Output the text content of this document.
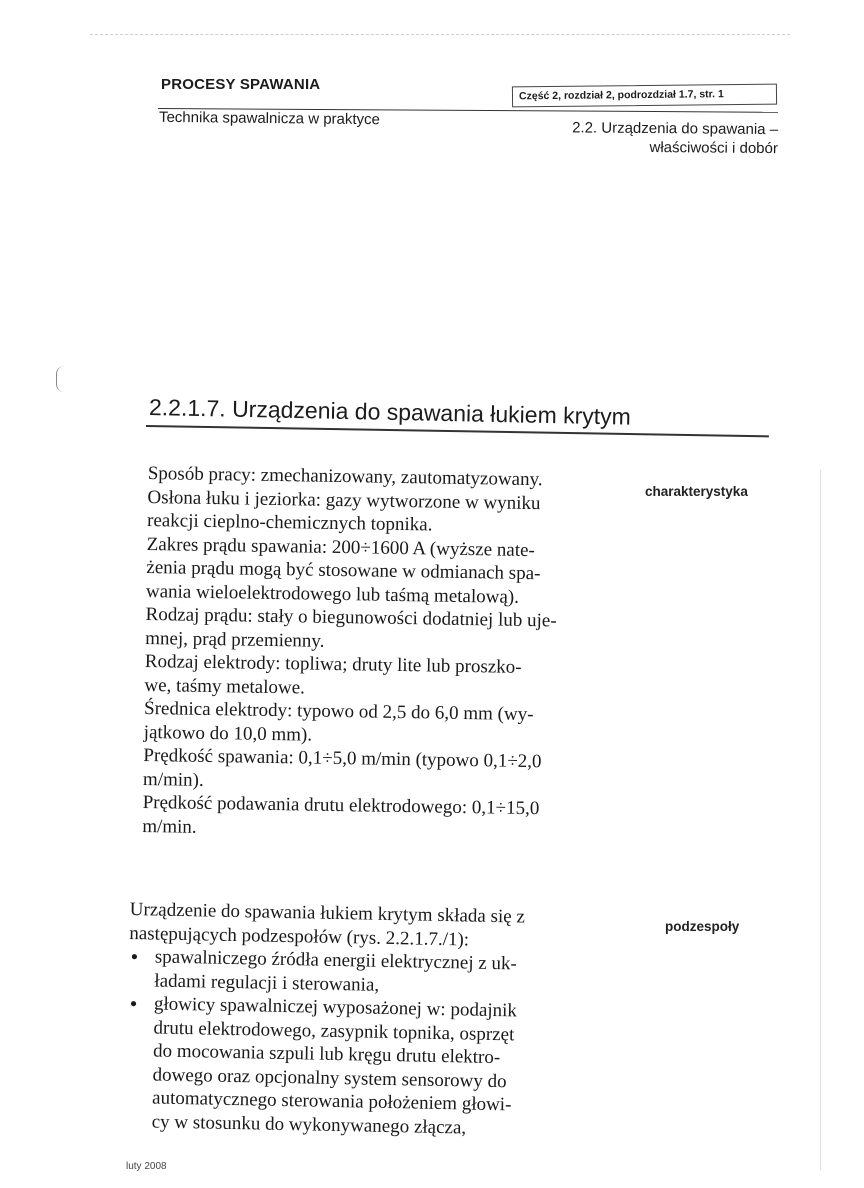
PROCESY SPAWANIA
Część 2, rozdział 2, podrozdział 1.7, str. 1

Technika spawalnicza w praktyce

2.2. Urządzenia do spawania –
właściwości i dobór

2.2.1.7. Urządzenia do spawania łukiem krytym

Sposób pracy: zmechanizowany, zautomatyzowany.
Osłona łuku i jeziorka: gazy wytworzone w wyniku
reakcji cieplno-chemicznych topnika.
Zakres prądu spawania: 200÷1600 A (wyższe nate-
żenia prądu mogą być stosowane w odmianach spa-
wania wieloelektrodowego lub taśmą metalową).
Rodzaj prądu: stały o biegunowości dodatniej lub uje-
mnej, prąd przemienny.
Rodzaj elektrody: topliwa; druty lite lub proszko-
we, taśmy metalowe.
Średnica elektrody: typowo od 2,5 do 6,0 mm (wy-
jątkowo do 10,0 mm).
Prędkość spawania: 0,1÷5,0 m/min (typowo 0,1÷2,0
m/min).
Prędkość podawania drutu elektrodowego: 0,1÷15,0
m/min.

charakterystyka

Urządzenie do spawania łukiem krytym składa się z
następujących podzespołów (rys. 2.2.1.7./1):
● spawalniczego źródła energii elektrycznej z uk-
ładami regulacji i sterowania,
● głowicy spawalniczej wyposażonej w: podajnik
drutu elektrodowego, zasypnik topnika, osprzęt
do mocowania szpuli lub kręgu drutu elektro-
dowego oraz opcjonalny system sensorowy do
automatycznego sterowania położeniem głowi-
cy w stosunku do wykonywanego złącza,

podzespoły

luty 2008
